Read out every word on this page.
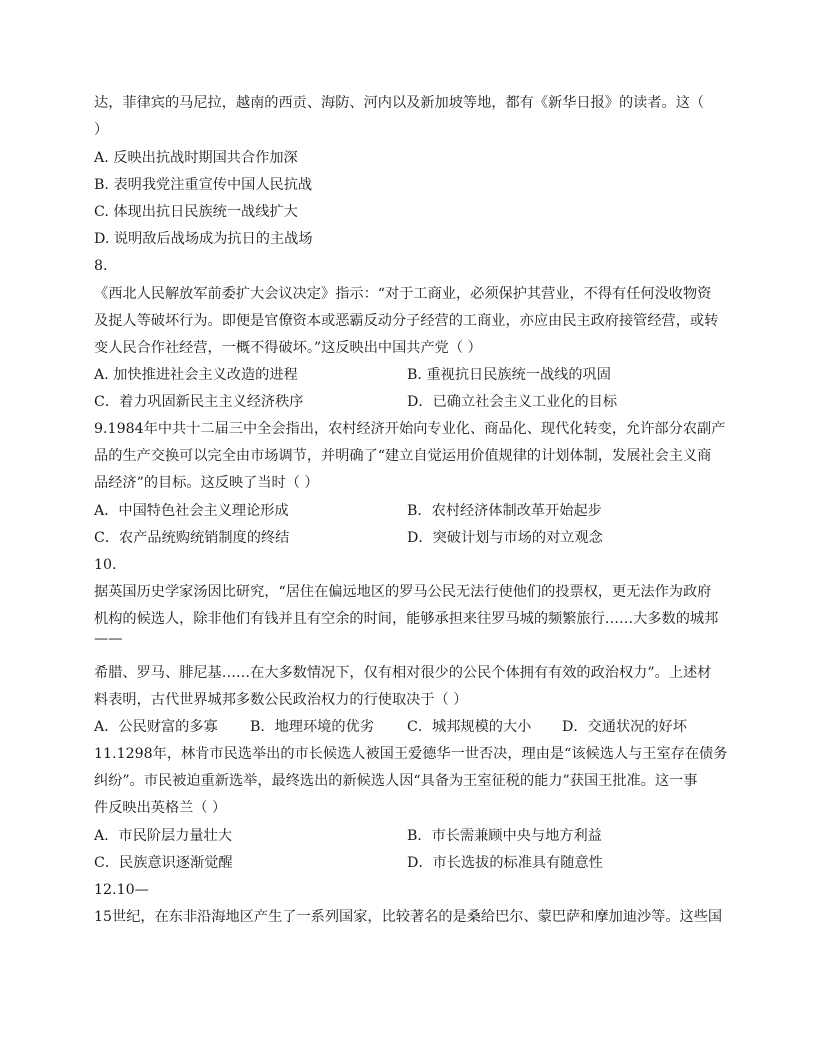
达，菲律宾的马尼拉，越南的西贡、海防、河内以及新加坡等地，都有《新华日报》的读者。这（
）
A. 反映出抗战时期国共合作加深
B. 表明我党注重宣传中国人民抗战
C. 体现出抗日民族统一战线扩大
D. 说明敌后战场成为抗日的主战场
8.
《西北人民解放军前委扩大会议决定》指示：“对于工商业，必须保护其营业，不得有任何没收物资
及捉人等破坏行为。即便是官僚资本或恶霸反动分子经营的工商业，亦应由民主政府接管经营，或转
变人民合作社经营，一概不得破坏。”这反映出中国共产党（ ）
A. 加快推进社会主义改造的进程	B. 重视抗日民族统一战线的巩固
C．着力巩固新民主主义经济秩序	D．已确立社会主义工业化的目标
9.1984年中共十二届三中全会指出，农村经济开始向专业化、商品化、现代化转变，允许部分农副产
品的生产交换可以完全由市场调节，并明确了“建立自觉运用价值规律的计划体制，发展社会主义商
品经济”的目标。这反映了当时（ ）
A．中国特色社会主义理论形成	B．农村经济体制改革开始起步
C．农产品统购统销制度的终结	D．突破计划与市场的对立观念
10.
据英国历史学家汤因比研究，“居住在偏远地区的罗马公民无法行使他们的投票权，更无法作为政府
机构的候选人，除非他们有钱并且有空余的时间，能够承担来往罗马城的频繁旅行……大多数的城邦
——
希腊、罗马、腓尼基……在大多数情况下，仅有相对很少的公民个体拥有有效的政治权力”。上述材
料表明，古代世界城邦多数公民政治权力的行使取决于（ ）
A．公民财富的多寡 B．地理环境的优劣 C．城邦规模的大小 D．交通状况的好坏
11.1298年，林肯市民选举出的市长候选人被国王爱德华一世否决，理由是“该候选人与王室存在债务
纠纷”。市民被迫重新选举，最终选出的新候选人因“具备为王室征税的能力”获国王批准。这一事
件反映出英格兰（ ）
A．市民阶层力量壮大	B．市长需兼顾中央与地方利益
C．民族意识逐渐觉醒	D．市长选拔的标准具有随意性
12.10—
15世纪，在东非沿海地区产生了一系列国家，比较著名的是桑给巴尔、蒙巴萨和摩加迪沙等。这些国
